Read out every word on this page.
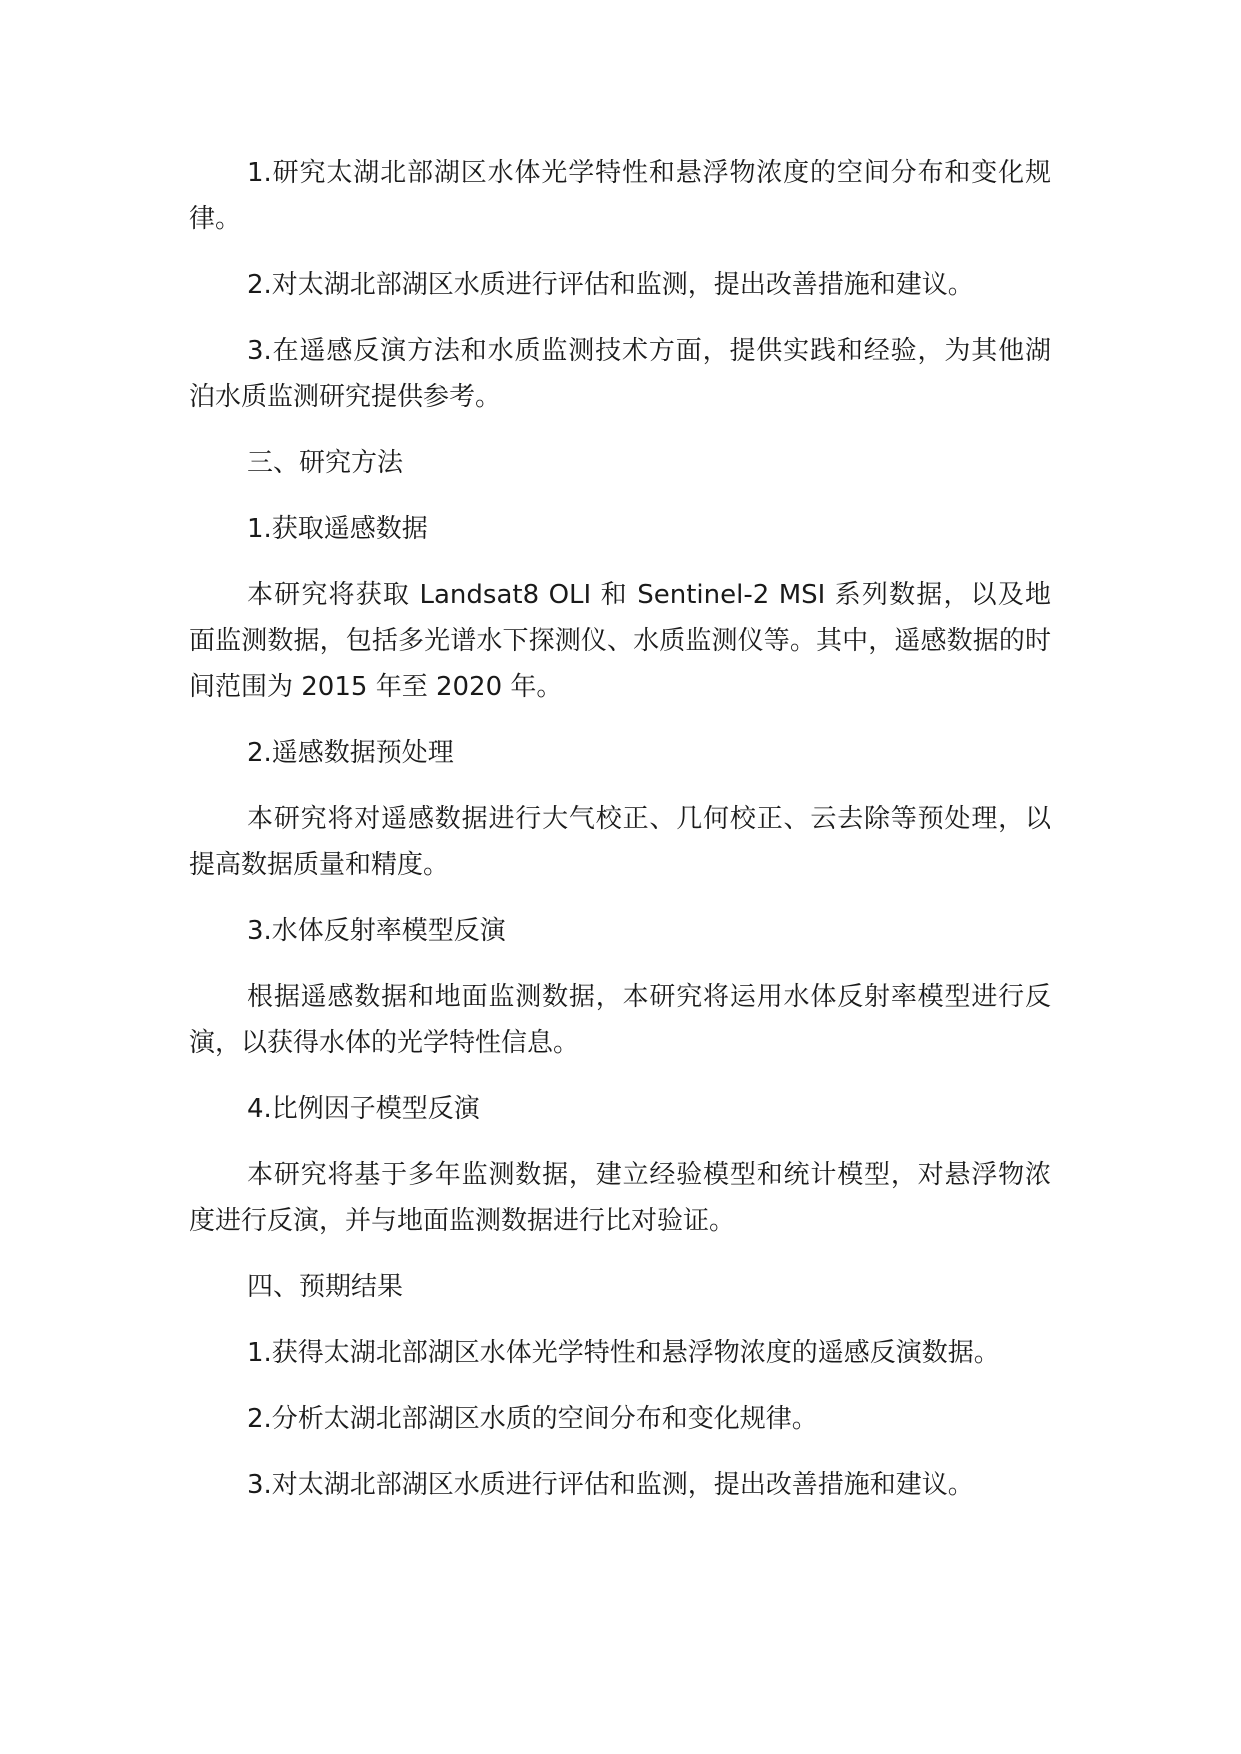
1.研究太湖北部湖区水体光学特性和悬浮物浓度的空间分布和变化规律。

2.对太湖北部湖区水质进行评估和监测，提出改善措施和建议。

3.在遥感反演方法和水质监测技术方面，提供实践和经验，为其他湖泊水质监测研究提供参考。

三、研究方法

1.获取遥感数据

本研究将获取 Landsat8 OLI 和 Sentinel-2 MSI 系列数据，以及地面监测数据，包括多光谱水下探测仪、水质监测仪等。其中，遥感数据的时间范围为 2015 年至 2020 年。

2.遥感数据预处理

本研究将对遥感数据进行大气校正、几何校正、云去除等预处理，以提高数据质量和精度。

3.水体反射率模型反演

根据遥感数据和地面监测数据，本研究将运用水体反射率模型进行反演，以获得水体的光学特性信息。

4.比例因子模型反演

本研究将基于多年监测数据，建立经验模型和统计模型，对悬浮物浓度进行反演，并与地面监测数据进行比对验证。

四、预期结果

1.获得太湖北部湖区水体光学特性和悬浮物浓度的遥感反演数据。

2.分析太湖北部湖区水质的空间分布和变化规律。

3.对太湖北部湖区水质进行评估和监测，提出改善措施和建议。
